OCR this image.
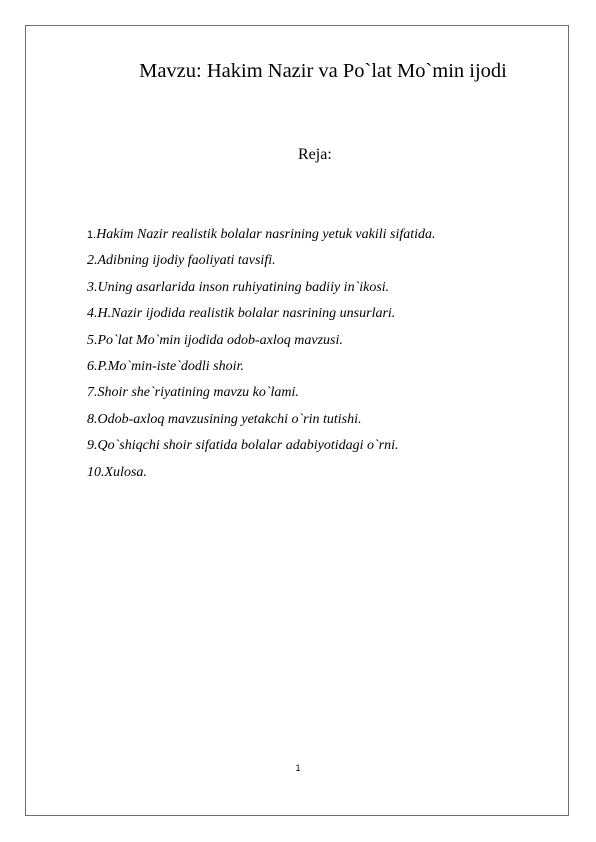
Mavzu: Hakim Nazir va Po`lat Mo`min ijodi
Reja:
1.Hakim Nazir realistik bolalar nasrining yetuk vakili sifatida.
2.Adibning ijodiy faoliyati tavsifi.
3.Uning asarlarida inson ruhiyatining badiiy in`ikosi.
4.H.Nazir ijodida realistik bolalar nasrining unsurlari.
5.Po`lat Mo`min ijodida odob-axloq mavzusi.
6.P.Mo`min-iste`dodli shoir.
7.Shoir she`riyatining mavzu ko`lami.
8.Odob-axloq mavzusining yetakchi o`rin tutishi.
9.Qo`shiqchi shoir sifatida bolalar adabiyotidagi o`rni.
10.Xulosa.
1
